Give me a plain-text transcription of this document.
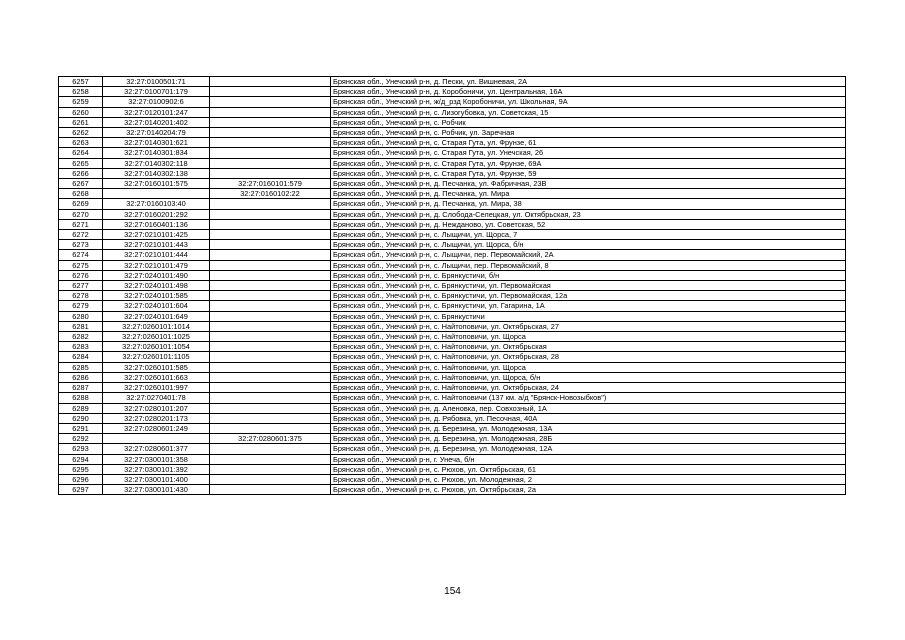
6257	32:27:0100501:71		Брянская обл., Унечский р-н, д. Пески, ул. Вишневая, 2А
6258	32:27:0100701:179		Брянская обл., Унечский р-н, д. Коробоничи, ул. Центральная, 16А
6259	32:27:0100902:6		Брянская обл., Унечский р-н, ж/д_рзд Коробоничи, ул. Школьная, 9А
6260	32:27:0120101:247		Брянская обл., Унечский р-н, с. Лизогубовка, ул. Советская, 15
6261	32:27:0140201:402		Брянская обл., Унечский р-н, с. Робчик
6262	32:27:0140204:79		Брянская обл., Унечский р-н, с. Робчик, ул. Заречная
6263	32:27:0140301:621		Брянская обл., Унечский р-н, с. Старая Гута, ул. Фрунзе, 61
6264	32:27:0140301:834		Брянская обл., Унечский р-н, с. Старая Гута, ул. Унечская, 26
6265	32:27:0140302:118		Брянская обл., Унечский р-н, с. Старая Гута, ул. Фрунзе, 69А
6266	32:27:0140302:138		Брянская обл., Унечский р-н, с. Старая Гута, ул. Фрунзе, 59
6267	32:27:0160101:575	32:27:0160101:579	Брянская обл., Унечский р-н, д. Песчанка, ул. Фабричная, 23В
6268		32:27:0160102:22	Брянская обл., Унечский р-н, д. Песчанка, ул. Мира
6269	32:27:0160103:40		Брянская обл., Унечский р-н, д. Песчанка, ул. Мира, 38
6270	32:27:0160201:292		Брянская обл., Унечский р-н, д. Слобода-Селецкая, ул. Октябрьская, 23
6271	32:27:0160401:136		Брянская обл., Унечский р-н, д. Нежданово, ул. Советская, 52
6272	32:27:0210101:425		Брянская обл., Унечский р-н, с. Лыщичи, ул. Щорса, 7
6273	32:27:0210101:443		Брянская обл., Унечский р-н, с. Лыщичи, ул. Щорса, б/н
6274	32:27:0210101:444		Брянская обл., Унечский р-н, с. Лыщичи, пер. Первомайский, 2А
6275	32:27:0210101:479		Брянская обл., Унечский р-н, с. Лыщичи, пер. Первомайский, 8
6276	32:27:0240101:490		Брянская обл., Унечский р-н, с. Брянкустичи, б/н
6277	32:27:0240101:498		Брянская обл., Унечский р-н, с. Брянкустичи, ул. Первомайская
6278	32:27:0240101:585		Брянская обл., Унечский р-н, с. Брянкустичи, ул. Первомайская, 12а
6279	32:27:0240101:604		Брянская обл., Унечский р-н, с. Брянкустичи, ул. Гагарина, 1А
6280	32:27:0240101:649		Брянская обл., Унечский р-н, с. Брянкустичи
6281	32:27:0260101:1014		Брянская обл., Унечский р-н, с. Найтоповичи, ул. Октябрьская, 27
6282	32:27:0260101:1025		Брянская обл., Унечский р-н, с. Найтоповичи, ул. Щорса
6283	32:27:0260101:1054		Брянская обл., Унечский р-н, с. Найтоповичи, ул. Октябрьская
6284	32:27:0260101:1105		Брянская обл., Унечский р-н, с. Найтоповичи, ул. Октябрьская, 28
6285	32:27:0260101:585		Брянская обл., Унечский р-н, с. Найтоповичи, ул. Щорса
6286	32:27:0260101:663		Брянская обл., Унечский р-н, с. Найтоповичи, ул. Щорса, б/н
6287	32:27:0260101:997		Брянская обл., Унечский р-н, с. Найтоповичи, ул. Октябрьская, 24
6288	32:27:0270401:78		Брянская обл., Унечский р-н, с. Найтоповичи (137 км. а/д "Брянск-Новозыбков")
6289	32:27:0280101:207		Брянская обл., Унечский р-н, д. Аленовка, пер. Совхозный, 1А
6290	32:27:0280201:173		Брянская обл., Унечский р-н, д. Рябовка, ул. Песочная, 40А
6291	32:27:0280601:249		Брянская обл., Унечский р-н, д. Березина, ул. Молодежная, 13А
6292		32:27:0280601:375	Брянская обл., Унечский р-н, д. Березина, ул. Молодежная, 28Б
6293	32:27:0280601:377		Брянская обл., Унечский р-н, д. Березина, ул. Молодежная, 12А
6294	32:27:0300101:358		Брянская обл., Унечский р-н, г. Унеча, б/н
6295	32:27:0300101:392		Брянская обл., Унечский р-н, с. Рюхов, ул. Октябрьская, 61
6296	32:27:0300101:400		Брянская обл., Унечский р-н, с. Рюхов, ул. Молодежная, 2
6297	32:27:0300101:430		Брянская обл., Унечский р-н, с. Рюхов, ул. Октябрьская, 2а
154
